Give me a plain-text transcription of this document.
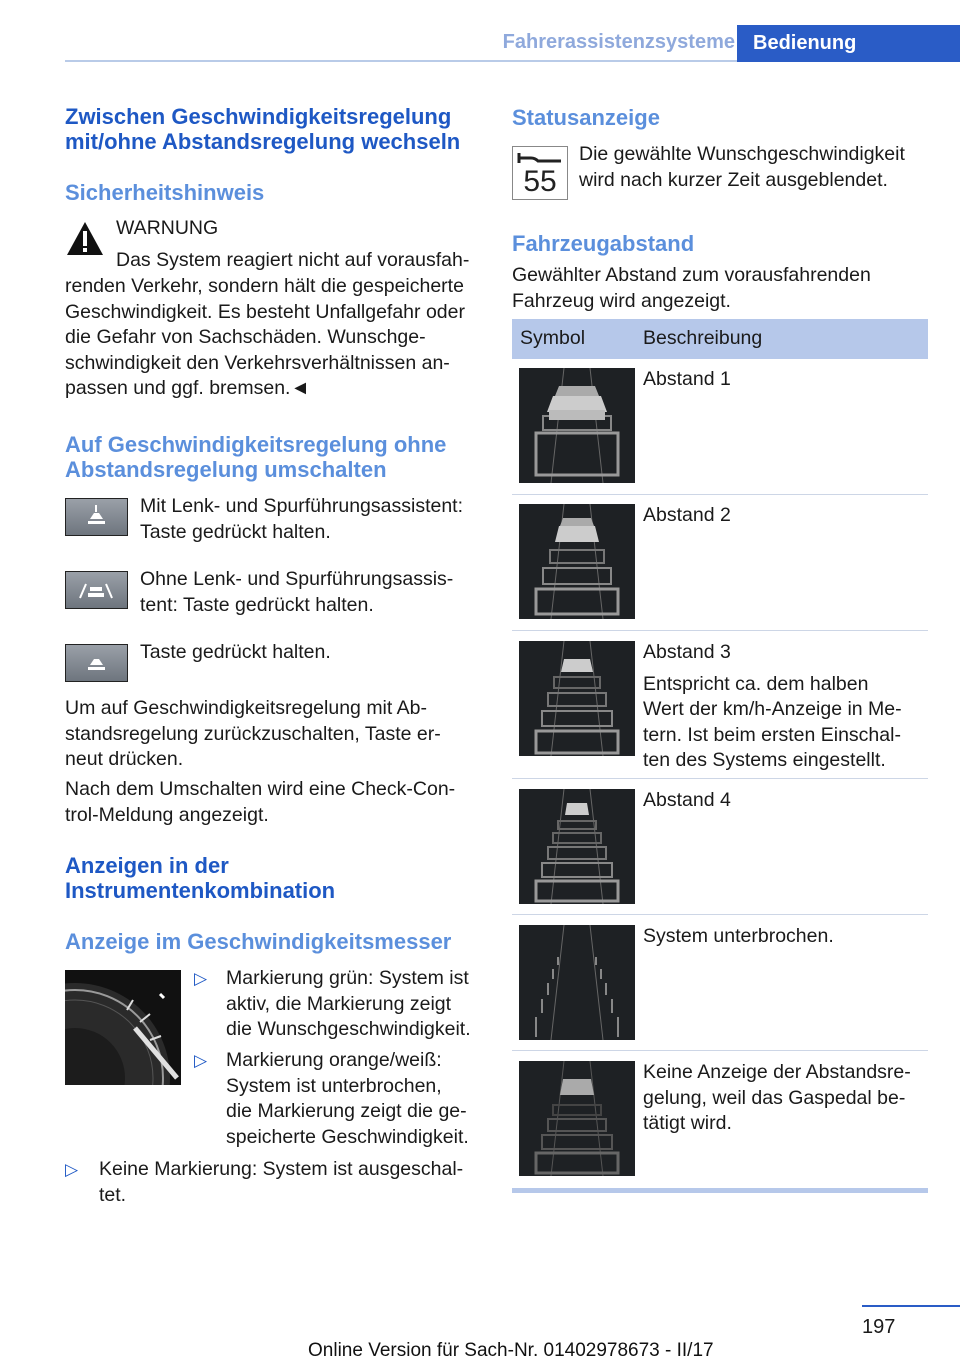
Fahrerassistenzsysteme Bedienung
Zwischen Geschwindigkeitsregelung
mit/ohne Abstandsregelung wechseln
Sicherheitshinweis
WARNUNG
Das System reagiert nicht auf vorausfah-
renden Verkehr, sondern hält die gespeicherte
Geschwindigkeit. Es besteht Unfallgefahr oder
die Gefahr von Sachschäden. Wunschge-
schwindigkeit den Verkehrsverhältnissen an-
passen und ggf. bremsen.◄
Auf Geschwindigkeitsregelung ohne
Abstandsregelung umschalten
Mit Lenk- und Spurführungsassistent:
Taste gedrückt halten.
Ohne Lenk- und Spurführungsassis-
tent: Taste gedrückt halten.
Taste gedrückt halten.
Um auf Geschwindigkeitsregelung mit Ab-
standsregelung zurückzuschalten, Taste er-
neut drücken.
Nach dem Umschalten wird eine Check-Con-
trol-Meldung angezeigt.
Anzeigen in der
Instrumentenkombination
Anzeige im Geschwindigkeitsmesser
▷ Markierung grün: System ist
aktiv, die Markierung zeigt
die Wunschgeschwindigkeit.
▷ Markierung orange/weiß:
System ist unterbrochen,
die Markierung zeigt die ge-
speicherte Geschwindigkeit.
▷ Keine Markierung: System ist ausgeschal-
tet.
Statusanzeige
55
Die gewählte Wunschgeschwindigkeit
wird nach kurzer Zeit ausgeblendet.
Fahrzeugabstand
Gewählter Abstand zum vorausfahrenden
Fahrzeug wird angezeigt.
Symbol	Beschreibung
Abstand 1
Abstand 2
Abstand 3
Entspricht ca. dem halben
Wert der km/h-Anzeige in Me-
tern. Ist beim ersten Einschal-
ten des Systems eingestellt.
Abstand 4
System unterbrochen.
Keine Anzeige der Abstandsre-
gelung, weil das Gaspedal be-
tätigt wird.
197
Online Version für Sach-Nr. 01402978673 - II/17
